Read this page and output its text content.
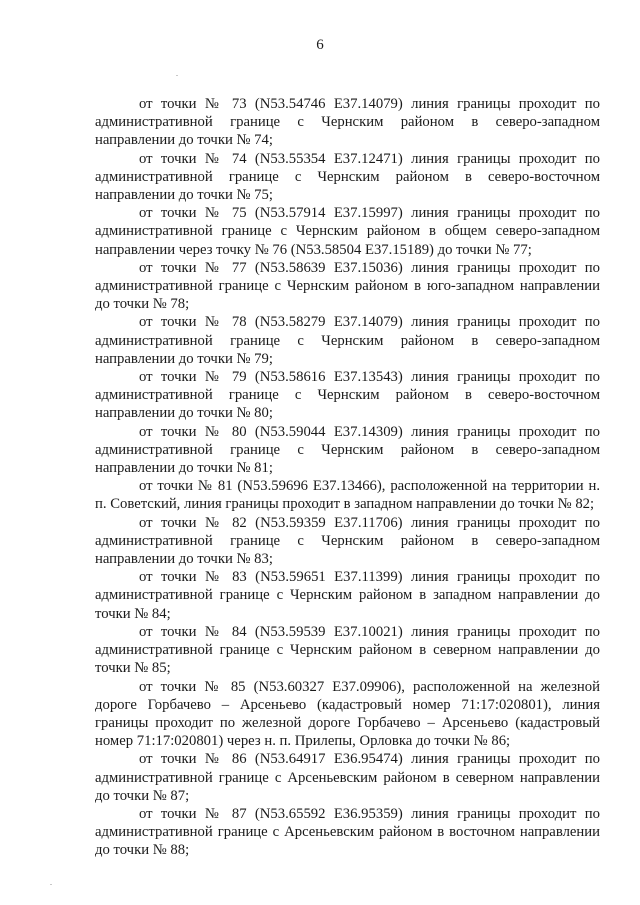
6

от точки № 73 (N53.54746 E37.14079) линия границы проходит по административной границе с Чернским районом в северо-западном направлении до точки № 74;

от точки № 74 (N53.55354 E37.12471) линия границы проходит по административной границе с Чернским районом в северо-восточном направлении до точки № 75;

от точки № 75 (N53.57914 E37.15997) линия границы проходит по административной границе с Чернским районом в общем северо-западном направлении через точку № 76 (N53.58504 E37.15189) до точки № 77;

от точки № 77 (N53.58639 E37.15036) линия границы проходит по административной границе с Чернским районом в юго-западном направлении до точки № 78;

от точки № 78 (N53.58279 E37.14079) линия границы проходит по административной границе с Чернским районом в северо-западном направлении до точки № 79;

от точки № 79 (N53.58616 E37.13543) линия границы проходит по административной границе с Чернским районом в северо-восточном направлении до точки № 80;

от точки № 80 (N53.59044 E37.14309) линия границы проходит по административной границе с Чернским районом в северо-западном направлении до точки № 81;

от точки № 81 (N53.59696 E37.13466), расположенной на территории н. п. Советский, линия границы проходит в западном направлении до точки № 82;

от точки № 82 (N53.59359 E37.11706) линия границы проходит по административной границе с Чернским районом в северо-западном направлении до точки № 83;

от точки № 83 (N53.59651 E37.11399) линия границы проходит по административной границе с Чернским районом в западном направлении до точки № 84;

от точки № 84 (N53.59539 E37.10021) линия границы проходит по административной границе с Чернским районом в северном направлении до точки № 85;

от точки № 85 (N53.60327 E37.09906), расположенной на железной дороге Горбачево – Арсеньево (кадастровый номер 71:17:020801), линия границы проходит по железной дороге Горбачево – Арсеньево (кадастровый номер 71:17:020801) через н. п. Прилепы, Орловка до точки № 86;

от точки № 86 (N53.64917 E36.95474) линия границы проходит по административной границе с Арсеньевским районом в северном направлении до точки № 87;

от точки № 87 (N53.65592 E36.95359) линия границы проходит по административной границе с Арсеньевским районом в восточном направлении до точки № 88;
